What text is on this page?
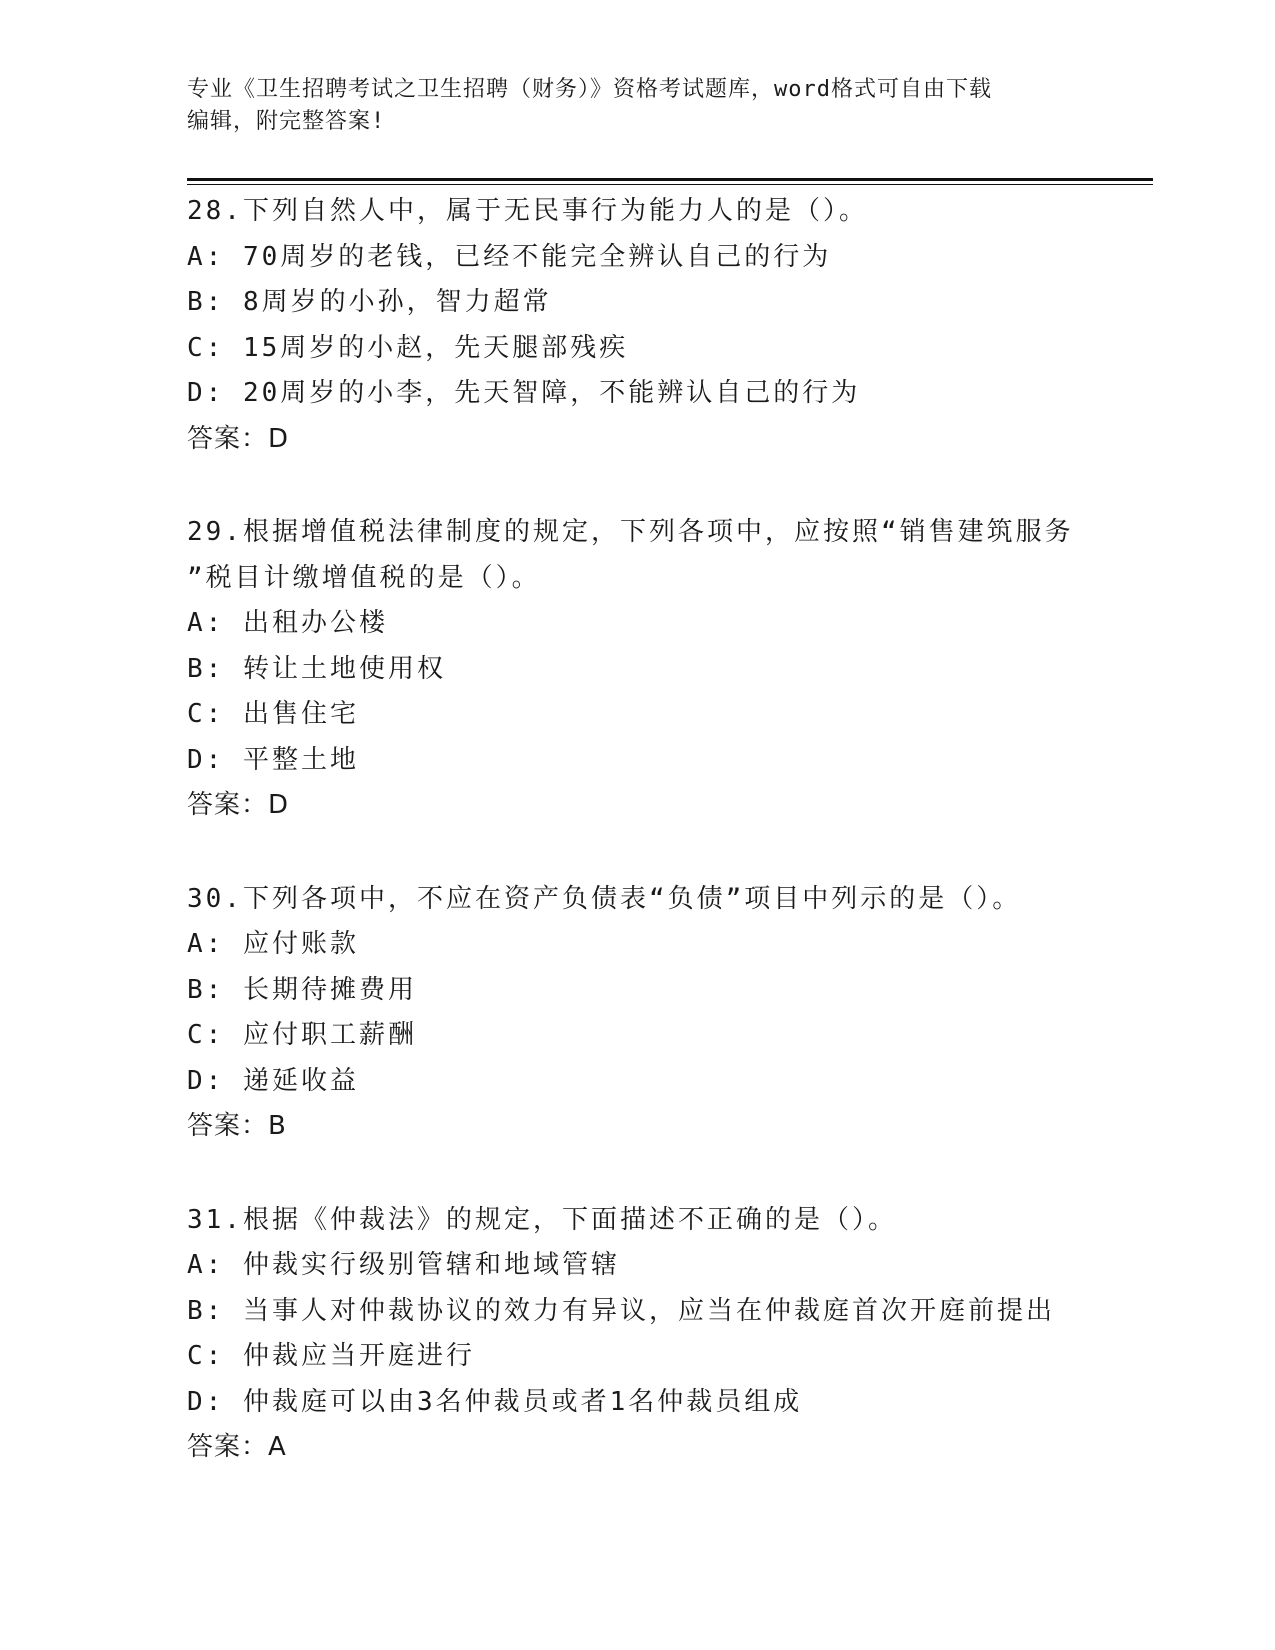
专业《卫生招聘考试之卫生招聘（财务）》资格考试题库，word格式可自由下载
编辑，附完整答案!
28.下列自然人中，属于无民事行为能力人的是（）。
A: 70周岁的老钱，已经不能完全辨认自己的行为
B: 8周岁的小孙，智力超常
C: 15周岁的小赵，先天腿部残疾
D: 20周岁的小李，先天智障，不能辨认自己的行为
答案：D
29.根据增值税法律制度的规定，下列各项中，应按照“销售建筑服务
”税目计缴增值税的是（）。
A: 出租办公楼
B: 转让土地使用权
C: 出售住宅
D: 平整土地
答案：D
30.下列各项中，不应在资产负债表“负债”项目中列示的是（）。
A: 应付账款
B: 长期待摊费用
C: 应付职工薪酬
D: 递延收益
答案：B
31.根据《仲裁法》的规定，下面描述不正确的是（）。
A: 仲裁实行级别管辖和地域管辖
B: 当事人对仲裁协议的效力有异议，应当在仲裁庭首次开庭前提出
C: 仲裁应当开庭进行
D: 仲裁庭可以由3名仲裁员或者1名仲裁员组成
答案：A
